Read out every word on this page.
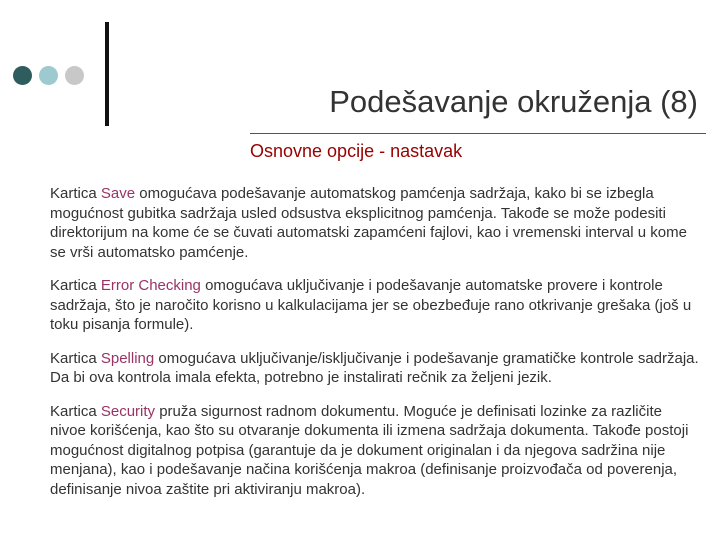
Podešavanje okruženja (8)
Osnovne opcije - nastavak

Kartica Save omogućava podešavanje automatskog pamćenja sadržaja, kako bi se izbegla mogućnost gubitka sadržaja usled odsustva eksplicitnog pamćenja. Takođe se može podesiti direktorijum na kome će se čuvati automatski zapamćeni fajlovi, kao i vremenski interval u kome se vrši automatsko pamćenje.

Kartica Error Checking omogućava uključivanje i podešavanje automatske provere i kontrole sadržaja, što je naročito korisno u kalkulacijama jer se obezbeđuje rano otkrivanje grešaka (još u toku pisanja formule).

Kartica Spelling omogućava uključivanje/isključivanje i podešavanje gramatičke kontrole sadržaja. Da bi ova kontrola imala efekta, potrebno je instalirati rečnik za željeni jezik.

Kartica Security pruža sigurnost radnom dokumentu. Moguće je definisati lozinke za različite nivoe korišćenja, kao što su otvaranje dokumenta ili izmena sadržaja dokumenta. Takođe postoji mogućnost digitalnog potpisa (garantuje da je dokument originalan i da njegova sadržina nije menjana), kao i podešavanje načina korišćenja makroa (definisanje proizvođača od poverenja, definisanje nivoa zaštite pri aktiviranju makroa).
